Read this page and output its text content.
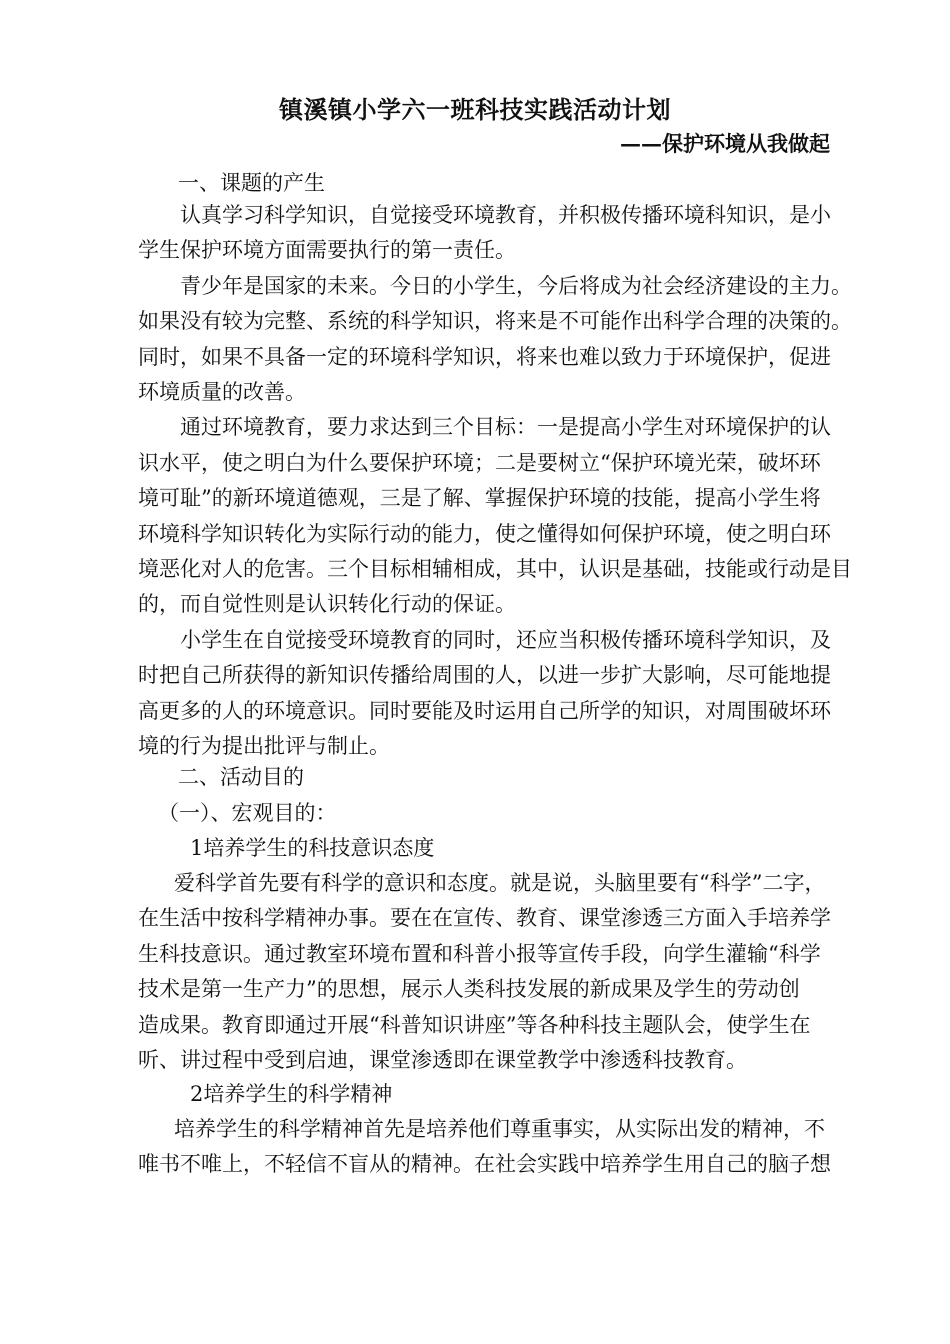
镇溪镇小学六一班科技实践活动计划
——保护环境从我做起
一、课题的产生
认真学习科学知识，自觉接受环境教育，并积极传播环境科知识，是小
学生保护环境方面需要执行的第一责任。
青少年是国家的未来。今日的小学生，今后将成为社会经济建设的主力。
如果没有较为完整、系统的科学知识，将来是不可能作出科学合理的决策的。
同时，如果不具备一定的环境科学知识，将来也难以致力于环境保护，促进
环境质量的改善。
通过环境教育，要力求达到三个目标：一是提高小学生对环境保护的认
识水平，使之明白为什么要保护环境；二是要树立“保护环境光荣，破坏环
境可耻”的新环境道德观，三是了解、掌握保护环境的技能，提高小学生将
环境科学知识转化为实际行动的能力，使之懂得如何保护环境，使之明白环
境恶化对人的危害。三个目标相辅相成，其中，认识是基础，技能或行动是目
的，而自觉性则是认识转化行动的保证。
小学生在自觉接受环境教育的同时，还应当积极传播环境科学知识，及
时把自己所获得的新知识传播给周围的人，以进一步扩大影响，尽可能地提
高更多的人的环境意识。同时要能及时运用自己所学的知识，对周围破坏环
境的行为提出批评与制止。
二、活动目的
（一）、宏观目的：
1培养学生的科技意识态度
爱科学首先要有科学的意识和态度。就是说，头脑里要有“科学”二字，
在生活中按科学精神办事。要在在宣传、教育、课堂渗透三方面入手培养学
生科技意识。通过教室环境布置和科普小报等宣传手段，向学生灌输“科学
技术是第一生产力”的思想，展示人类科技发展的新成果及学生的劳动创
造成果。教育即通过开展“科普知识讲座”等各种科技主题队会，使学生在
听、讲过程中受到启迪，课堂渗透即在课堂教学中渗透科技教育。
2培养学生的科学精神
培养学生的科学精神首先是培养他们尊重事实，从实际出发的精神，不
唯书不唯上，不轻信不盲从的精神。在社会实践中培养学生用自己的脑子想
